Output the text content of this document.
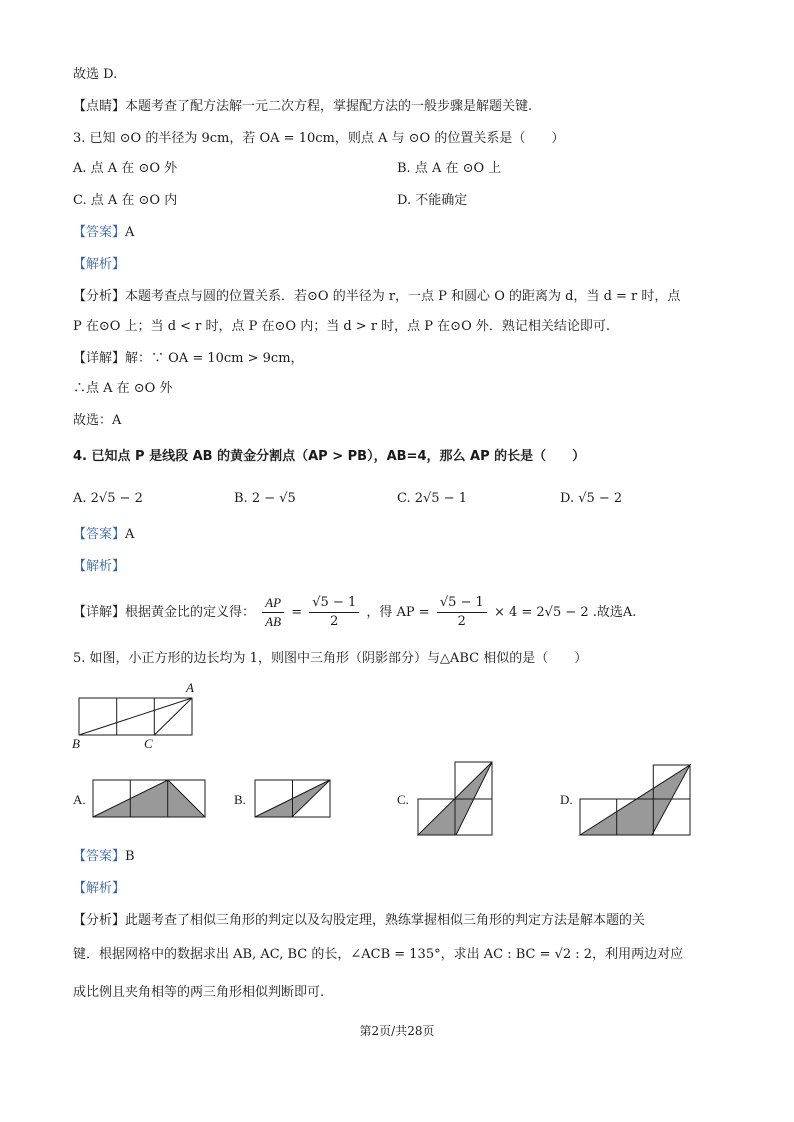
故选 D.
【点睛】本题考查了配方法解一元二次方程，掌握配方法的一般步骤是解题关键.
3. 已知 ⊙O 的半径为 9cm，若 OA = 10cm，则点 A 与 ⊙O 的位置关系是（　　）
A. 点 A 在 ⊙O 外	B. 点 A 在 ⊙O 上
C. 点 A 在 ⊙O 内	D. 不能确定
【答案】A
【解析】
【分析】本题考查点与圆的位置关系．若⊙O 的半径为 r，一点 P 和圆心 O 的距离为 d，当 d = r 时，点
P 在⊙O 上；当 d < r 时，点 P 在⊙O 内；当 d > r 时，点 P 在⊙O 外．熟记相关结论即可.
【详解】解：∵ OA = 10cm > 9cm，
∴点 A 在 ⊙O 外
故选：A
4. 已知点 P 是线段 AB 的黄金分割点（AP > PB），AB=4，那么 AP 的长是（　　）
A. 2√5 − 2	B. 2 − √5	C. 2√5 − 1	D. √5 − 2
【答案】A
【解析】
【详解】根据黄金比的定义得： $\frac{AP}{AB} = \frac{√5 - 1}{2}$ ，得 AP = $\frac{√5 - 1}{2} \times 4 = 2√5 - 2$ .故选A.
5. 如图，小正方形的边长均为 1，则图中三角形（阴影部分）与△ABC 相似的是（　　）
A
B	C
A.	B.	C.	D.
【答案】B
【解析】
【分析】此题考查了相似三角形的判定以及勾股定理，熟练掌握相似三角形的判定方法是解本题的关
键．根据网格中的数据求出 AB, AC, BC 的长，∠ACB = 135°，求出 AC : BC = √2 : 2，利用两边对应
成比例且夹角相等的两三角形相似判断即可.
第2页/共28页
